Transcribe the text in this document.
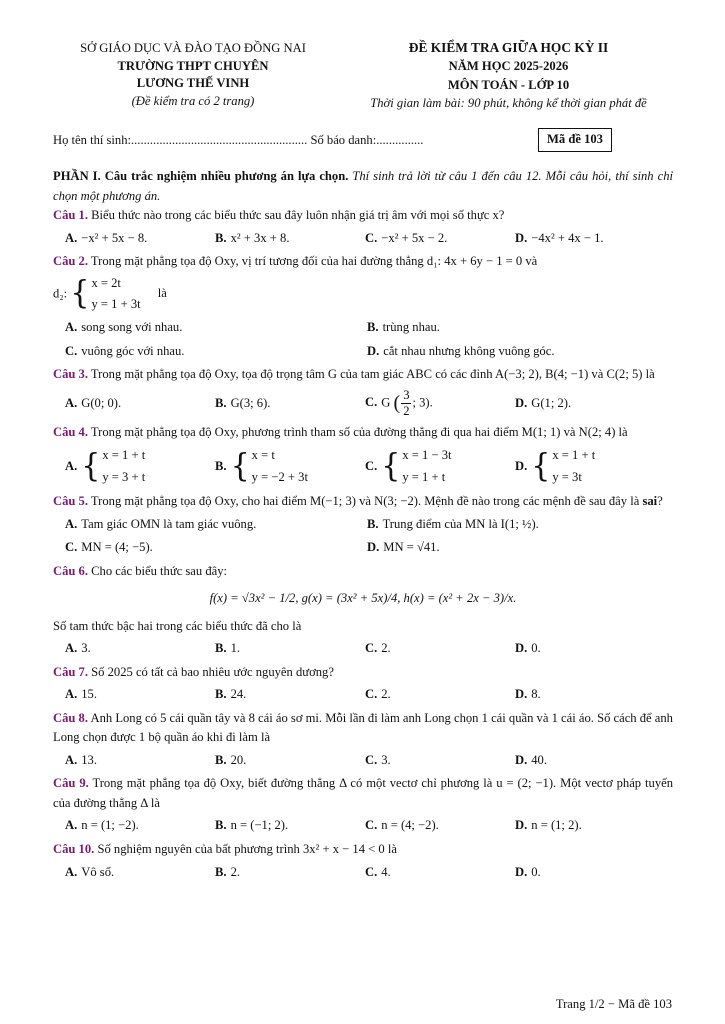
SỞ GIÁO DỤC VÀ ĐÀO TẠO ĐỒNG NAI
TRƯỜNG THPT CHUYÊN
LƯƠNG THẾ VINH
(Đề kiểm tra có 2 trang)
ĐỀ KIỂM TRA GIỮA HỌC KỲ II
NĂM HỌC 2025-2026
MÔN TOÁN - LỚP 10
Thời gian làm bài: 90 phút, không kể thời gian phát đề
Họ tên thí sinh:........................................................ Số báo danh:...............	Mã đề 103

PHẦN I. Câu trắc nghiệm nhiều phương án lựa chọn. Thí sinh trả lời từ câu 1 đến câu 12. Mỗi câu hỏi, thí sinh chỉ chọn một phương án.

Câu 1. Biểu thức nào trong các biểu thức sau đây luôn nhận giá trị âm với mọi số thực x?

A. −x² + 5x − 8.	B. x² + 3x + 8.	C. −x² + 5x − 2.	D. −4x² + 4x − 1.

Câu 2. Trong mặt phẳng tọa độ Oxy, vị trí tương đối của hai đường thẳng d₁: 4x + 6y − 1 = 0 và

d₂: { x = 2t
y = 1 + 3t
là
A. song song với nhau.	B. trùng nhau.
C. vuông góc với nhau.	D. cắt nhau nhưng không vuông góc.

Câu 3. Trong mặt phẳng tọa độ Oxy, tọa độ trọng tâm G của tam giác ABC có các đỉnh A(−3; 2), B(4; −1) và C(2; 5) là

A. G(0; 0).	B. G(3; 6).	C. G ( $\frac{3}{2}$ ; 3).	D. G(1; 2).

Câu 4. Trong mặt phẳng tọa độ Oxy, phương trình tham số của đường thẳng đi qua hai điểm M(1; 1) và N(2; 4) là

A. { x = 1 + t
y = 3 + t
B. { x = t
y = −2 + 3t
C. { x = 1 − 3t
y = 1 + t
D. { x = 1 + t
y = 3t

Câu 5. Trong mặt phẳng tọa độ Oxy, cho hai điểm M(−1; 3) và N(3; −2). Mệnh đề nào trong các mệnh đề sau đây là sai?

A. Tam giác OMN là tam giác vuông.	B. Trung điểm của MN là I(1; ½).
C. MN = (4; −5).	D. MN = √41.

Câu 6. Cho các biểu thức sau đây:

f(x) = √3x² − 1/2, g(x) = (3x² + 5x)/4, h(x) = (x² + 2x − 3)/x.

Số tam thức bậc hai trong các biểu thức đã cho là

A. 3.	B. 1.	C. 2.	D. 0.

Câu 7. Số 2025 có tất cả bao nhiêu ước nguyên dương?

A. 15.	B. 24.	C. 2.	D. 8.

Câu 8. Anh Long có 5 cái quần tây và 8 cái áo sơ mi. Mỗi lần đi làm anh Long chọn 1 cái quần và 1 cái áo. Số cách để anh Long chọn được 1 bộ quần áo khi đi làm là

A. 13.	B. 20.	C. 3.	D. 40.

Câu 9. Trong mặt phẳng tọa độ Oxy, biết đường thẳng Δ có một vectơ chỉ phương là u = (2; −1). Một vectơ pháp tuyến của đường thẳng Δ là

A. n = (1; −2).	B. n = (−1; 2).	C. n = (4; −2).	D. n = (1; 2).

Câu 10. Số nghiệm nguyên của bất phương trình 3x² + x − 14 < 0 là

A. Vô số.	B. 2.	C. 4.	D. 0.
Trang 1/2 − Mã đề 103
